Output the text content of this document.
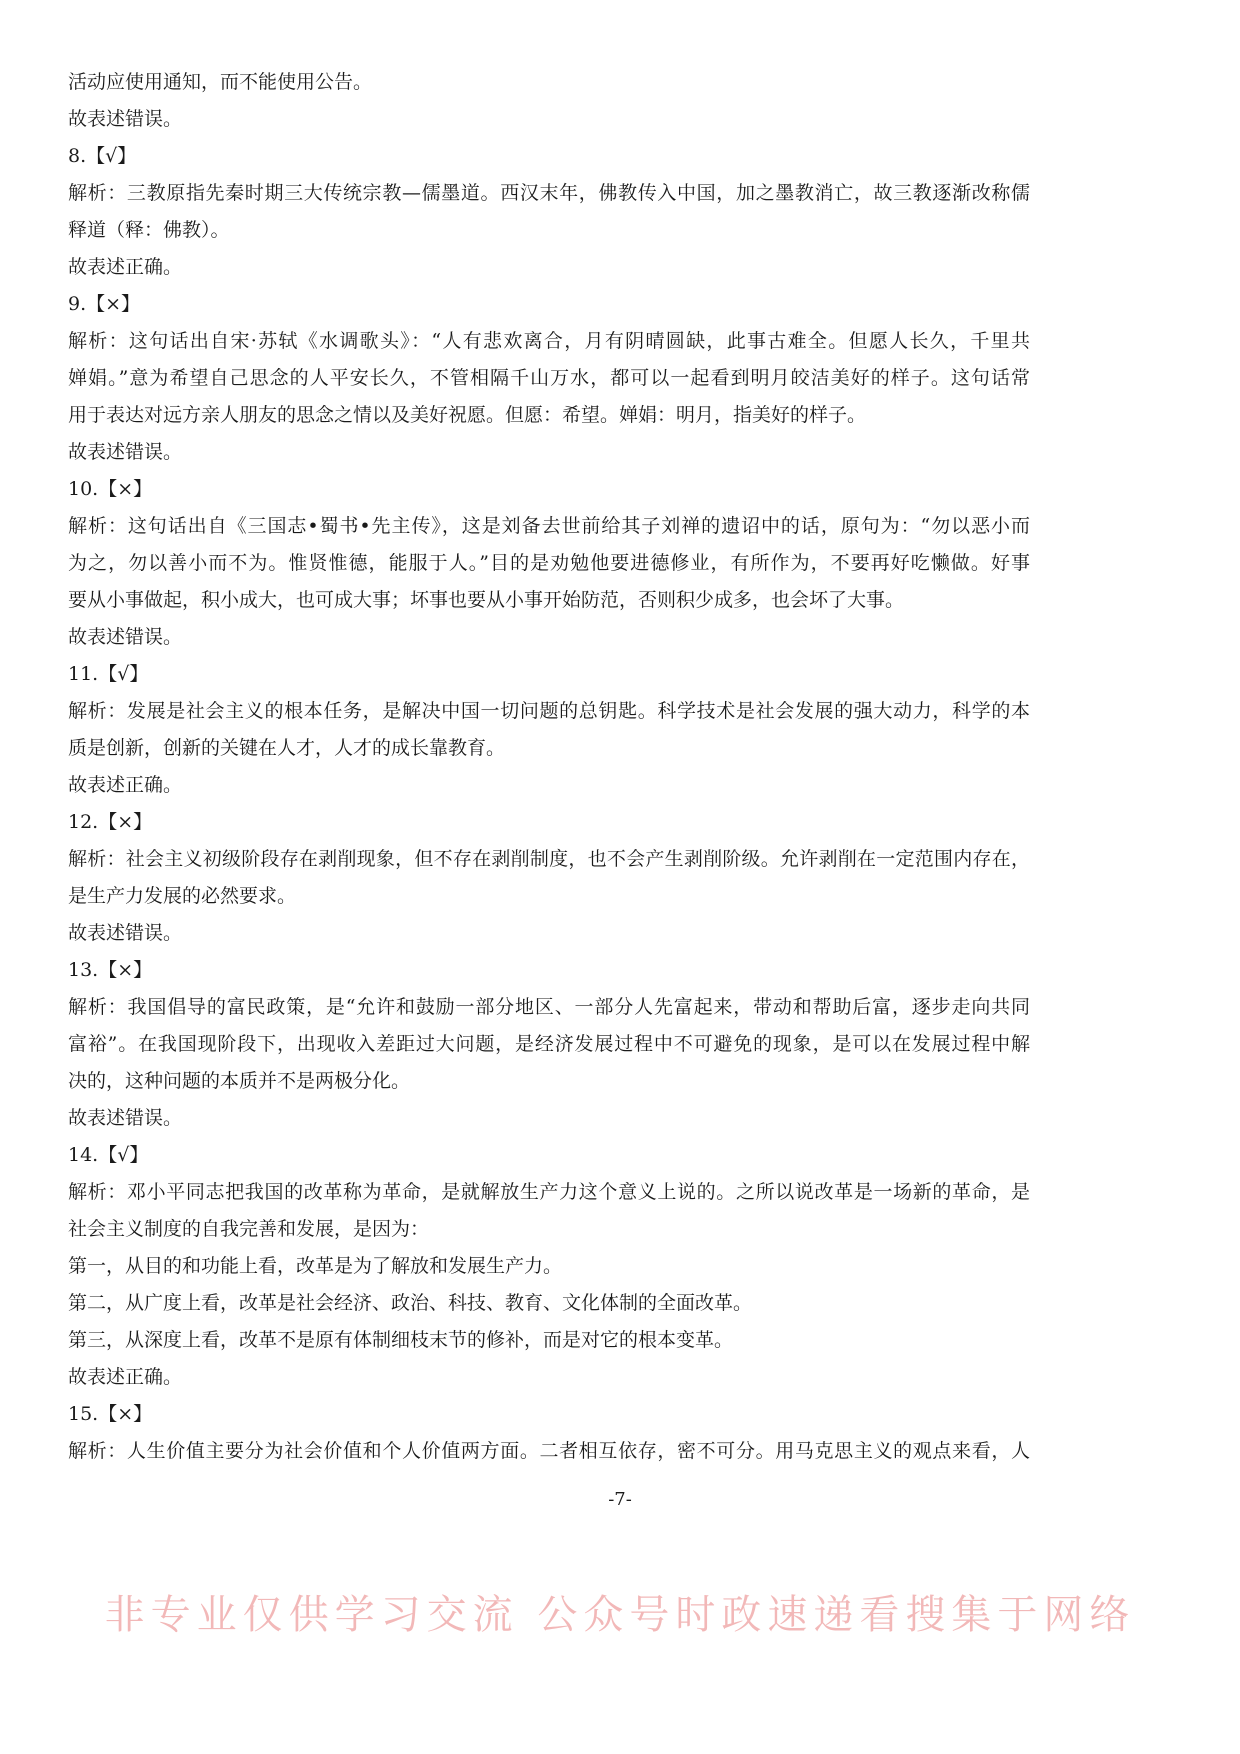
活动应使用通知，而不能使用公告。
故表述错误。
8.【√】
解析：三教原指先秦时期三大传统宗教—儒墨道。西汉末年，佛教传入中国，加之墨教消亡，故三教逐渐改称儒
释道（释：佛教）。
故表述正确。
9.【×】
解析：这句话出自宋·苏轼《水调歌头》：“人有悲欢离合，月有阴晴圆缺，此事古难全。但愿人长久，千里共
婵娟。”意为希望自己思念的人平安长久，不管相隔千山万水，都可以一起看到明月皎洁美好的样子。这句话常
用于表达对远方亲人朋友的思念之情以及美好祝愿。但愿：希望。婵娟：明月，指美好的样子。
故表述错误。
10.【×】
解析：这句话出自《三国志•蜀书•先主传》，这是刘备去世前给其子刘禅的遗诏中的话，原句为：“勿以恶小而
为之，勿以善小而不为。惟贤惟德，能服于人。”目的是劝勉他要进德修业，有所作为，不要再好吃懒做。好事
要从小事做起，积小成大，也可成大事；坏事也要从小事开始防范，否则积少成多，也会坏了大事。
故表述错误。
11.【√】
解析：发展是社会主义的根本任务，是解决中国一切问题的总钥匙。科学技术是社会发展的强大动力，科学的本
质是创新，创新的关键在人才，人才的成长靠教育。
故表述正确。
12.【×】
解析：社会主义初级阶段存在剥削现象，但不存在剥削制度，也不会产生剥削阶级。允许剥削在一定范围内存在，
是生产力发展的必然要求。
故表述错误。
13.【×】
解析：我国倡导的富民政策，是“允许和鼓励一部分地区、一部分人先富起来，带动和帮助后富，逐步走向共同
富裕”。在我国现阶段下，出现收入差距过大问题，是经济发展过程中不可避免的现象，是可以在发展过程中解
决的，这种问题的本质并不是两极分化。
故表述错误。
14.【√】
解析：邓小平同志把我国的改革称为革命，是就解放生产力这个意义上说的。之所以说改革是一场新的革命，是
社会主义制度的自我完善和发展，是因为：
第一，从目的和功能上看，改革是为了解放和发展生产力。
第二，从广度上看，改革是社会经济、政治、科技、教育、文化体制的全面改革。
第三，从深度上看，改革不是原有体制细枝末节的修补，而是对它的根本变革。
故表述正确。
15.【×】
解析：人生价值主要分为社会价值和个人价值两方面。二者相互依存，密不可分。用马克思主义的观点来看，人
-7-
非专业仅供学习交流 公众号时政速递看搜集于网络
